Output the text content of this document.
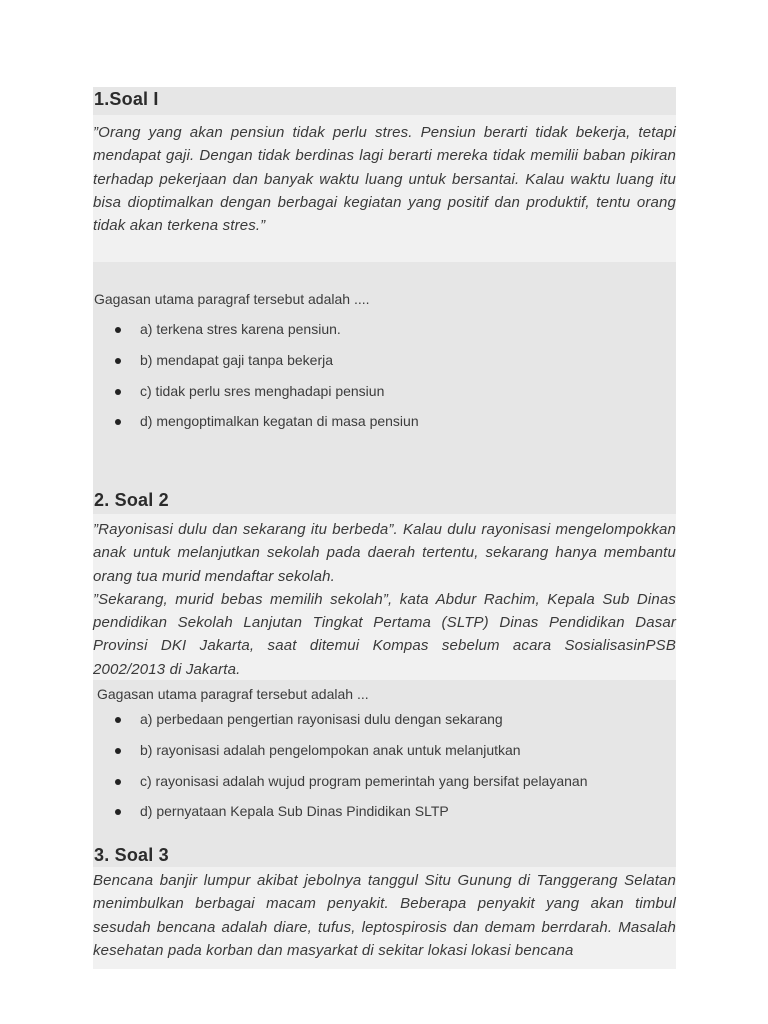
1.Soal I

”Orang yang akan pensiun tidak perlu stres. Pensiun berarti tidak bekerja, tetapi mendapat gaji. Dengan tidak berdinas lagi berarti mereka tidak memilii baban pikiran terhadap pekerjaan dan banyak waktu luang untuk bersantai. Kalau waktu luang itu bisa dioptimalkan dengan berbagai kegiatan yang positif dan produktif, tentu orang tidak akan terkena stres.”

Gagasan utama paragraf tersebut adalah ....

a) terkena stres karena pensiun.
b) mendapat gaji tanpa bekerja
c) tidak perlu sres menghadapi pensiun
d) mengoptimalkan kegatan di masa pensiun
2. Soal 2

”Rayonisasi dulu dan sekarang itu berbeda”. Kalau dulu rayonisasi mengelompokkan anak untuk melanjutkan sekolah pada daerah tertentu, sekarang hanya membantu orang tua murid mendaftar sekolah.

”Sekarang, murid bebas memilih sekolah”, kata Abdur Rachim, Kepala Sub Dinas pendidikan Sekolah Lanjutan Tingkat Pertama (SLTP) Dinas Pendidikan Dasar Provinsi DKI Jakarta, saat ditemui Kompas sebelum acara SosialisasinPSB 2002/2013 di Jakarta.

Gagasan utama paragraf tersebut adalah ...

a) perbedaan pengertian rayonisasi dulu dengan sekarang
b) rayonisasi adalah pengelompokan anak untuk melanjutkan
c) rayonisasi adalah wujud program pemerintah yang bersifat pelayanan
d) pernyataan Kepala Sub Dinas Pindidikan SLTP
3. Soal 3

Bencana banjir lumpur akibat jebolnya tanggul Situ Gunung di Tanggerang Selatan menimbulkan berbagai macam penyakit. Beberapa penyakit yang akan timbul sesudah bencana adalah diare, tufus, leptospirosis dan demam berrdarah. Masalah kesehatan pada korban dan masyarkat di sekitar lokasi lokasi bencana
